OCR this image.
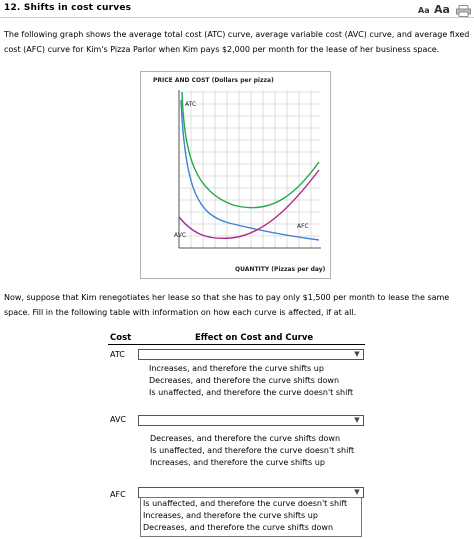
12. Shifts in cost curves	Aa Aa
The following graph shows the average total cost (ATC) curve, average variable cost (AVC) curve, and average fixed
cost (AFC) curve for Kim's Pizza Parlor when Kim pays $2,000 per month for the lease of her business space.
PRICE AND COST (Dollars per pizza)
ATC
AVC
AFC
QUANTITY (Pizzas per day)
Now, suppose that Kim renegotiates her lease so that she has to pay only $1,500 per month to lease the same
space. Fill in the following table with information on how each curve is affected, if at all.
Cost	Effect on Cost and Curve
ATC	▼
Increases, and therefore the curve shifts up
Decreases, and therefore the curve shifts down
Is unaffected, and therefore the curve doesn't shift
AVC	▼
Decreases, and therefore the curve shifts down
Is unaffected, and therefore the curve doesn't shift
Increases, and therefore the curve shifts up
AFC	▼
Is unaffected, and therefore the curve doesn't shift
Increases, and therefore the curve shifts up
Decreases, and therefore the curve shifts down
